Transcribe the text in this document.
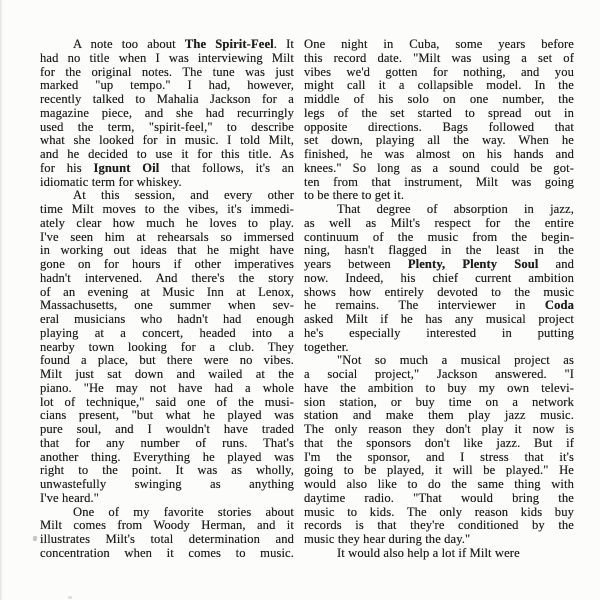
A note too about The Spirit-Feel. It
had no title when I was interviewing Milt
for the original notes. The tune was just
marked "up tempo." I had, however,
recently talked to Mahalia Jackson for a
magazine piece, and she had recurringly
used the term, "spirit-feel," to describe
what she looked for in music. I told Milt,
and he decided to use it for this title. As
for his Ignunt Oil that follows, it's an
idiomatic term for whiskey.
At this session, and every other
time Milt moves to the vibes, it's immedi-
ately clear how much he loves to play.
I've seen him at rehearsals so immersed
in working out ideas that he might have
gone on for hours if other imperatives
hadn't intervened. And there's the story
of an evening at Music Inn at Lenox,
Massachusetts, one summer when sev-
eral musicians who hadn't had enough
playing at a concert, headed into a
nearby town looking for a club. They
found a place, but there were no vibes.
Milt just sat down and wailed at the
piano. "He may not have had a whole
lot of technique," said one of the musi-
cians present, "but what he played was
pure soul, and I wouldn't have traded
that for any number of runs. That's
another thing. Everything he played was
right to the point. It was as wholly,
unwastefully swinging as anything
I've heard."
One of my favorite stories about
Milt comes from Woody Herman, and it
illustrates Milt's total determination and
concentration when it comes to music.
One night in Cuba, some years before
this record date. "Milt was using a set of
vibes we'd gotten for nothing, and you
might call it a collapsible model. In the
middle of his solo on one number, the
legs of the set started to spread out in
opposite directions. Bags followed that
set down, playing all the way. When he
finished, he was almost on his hands and
knees." So long as a sound could be got-
ten from that instrument, Milt was going
to be there to get it.
That degree of absorption in jazz,
as well as Milt's respect for the entire
continuum of the music from the begin-
ning, hasn't flagged in the least in the
years between Plenty, Plenty Soul and
now. Indeed, his chief current ambition
shows how entirely devoted to the music
he remains. The interviewer in Coda
asked Milt if he has any musical project
he's especially interested in putting
together.
"Not so much a musical project as
a social project," Jackson answered. "I
have the ambition to buy my own televi-
sion station, or buy time on a network
station and make them play jazz music.
The only reason they don't play it now is
that the sponsors don't like jazz. But if
I'm the sponsor, and I stress that it's
going to be played, it will be played." He
would also like to do the same thing with
daytime radio. "That would bring the
music to kids. The only reason kids buy
records is that they're conditioned by the
music they hear during the day."
It would also help a lot if Milt were
